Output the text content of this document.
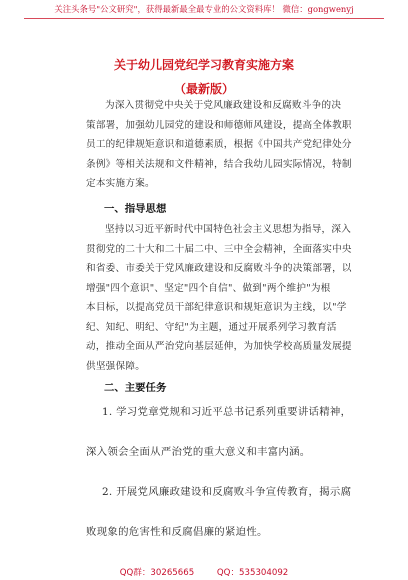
关注头条号"公文研究"，获得最新最全最专业的公文资料库！ 微信：gongwenyj
关于幼儿园党纪学习教育实施方案
（最新版）
为深入贯彻党中央关于党风廉政建设和反腐败斗争的决
策部署，加强幼儿园党的建设和师德师风建设，提高全体教职
员工的纪律规矩意识和道德素质，根据《中国共产党纪律处分
条例》等相关法规和文件精神，结合我幼儿园实际情况，特制
定本实施方案。
一、指导思想
坚持以习近平新时代中国特色社会主义思想为指导，深入
贯彻党的二十大和二十届二中、三中全会精神，全面落实中央
和省委、市委关于党风廉政建设和反腐败斗争的决策部署，以
增强"四个意识"、坚定"四个自信"、做到"两个维护"为根
本目标，以提高党员干部纪律意识和规矩意识为主线，以"学
纪、知纪、明纪、守纪"为主题，通过开展系列学习教育活
动，推动全面从严治党向基层延伸，为加快学校高质量发展提
供坚强保障。
二、主要任务
1. 学习党章党规和习近平总书记系列重要讲话精神，
深入领会全面从严治党的重大意义和丰富内涵。
2. 开展党风廉政建设和反腐败斗争宣传教育，揭示腐
败现象的危害性和反腐倡廉的紧迫性。
QQ群：30265665	QQ：535304092
